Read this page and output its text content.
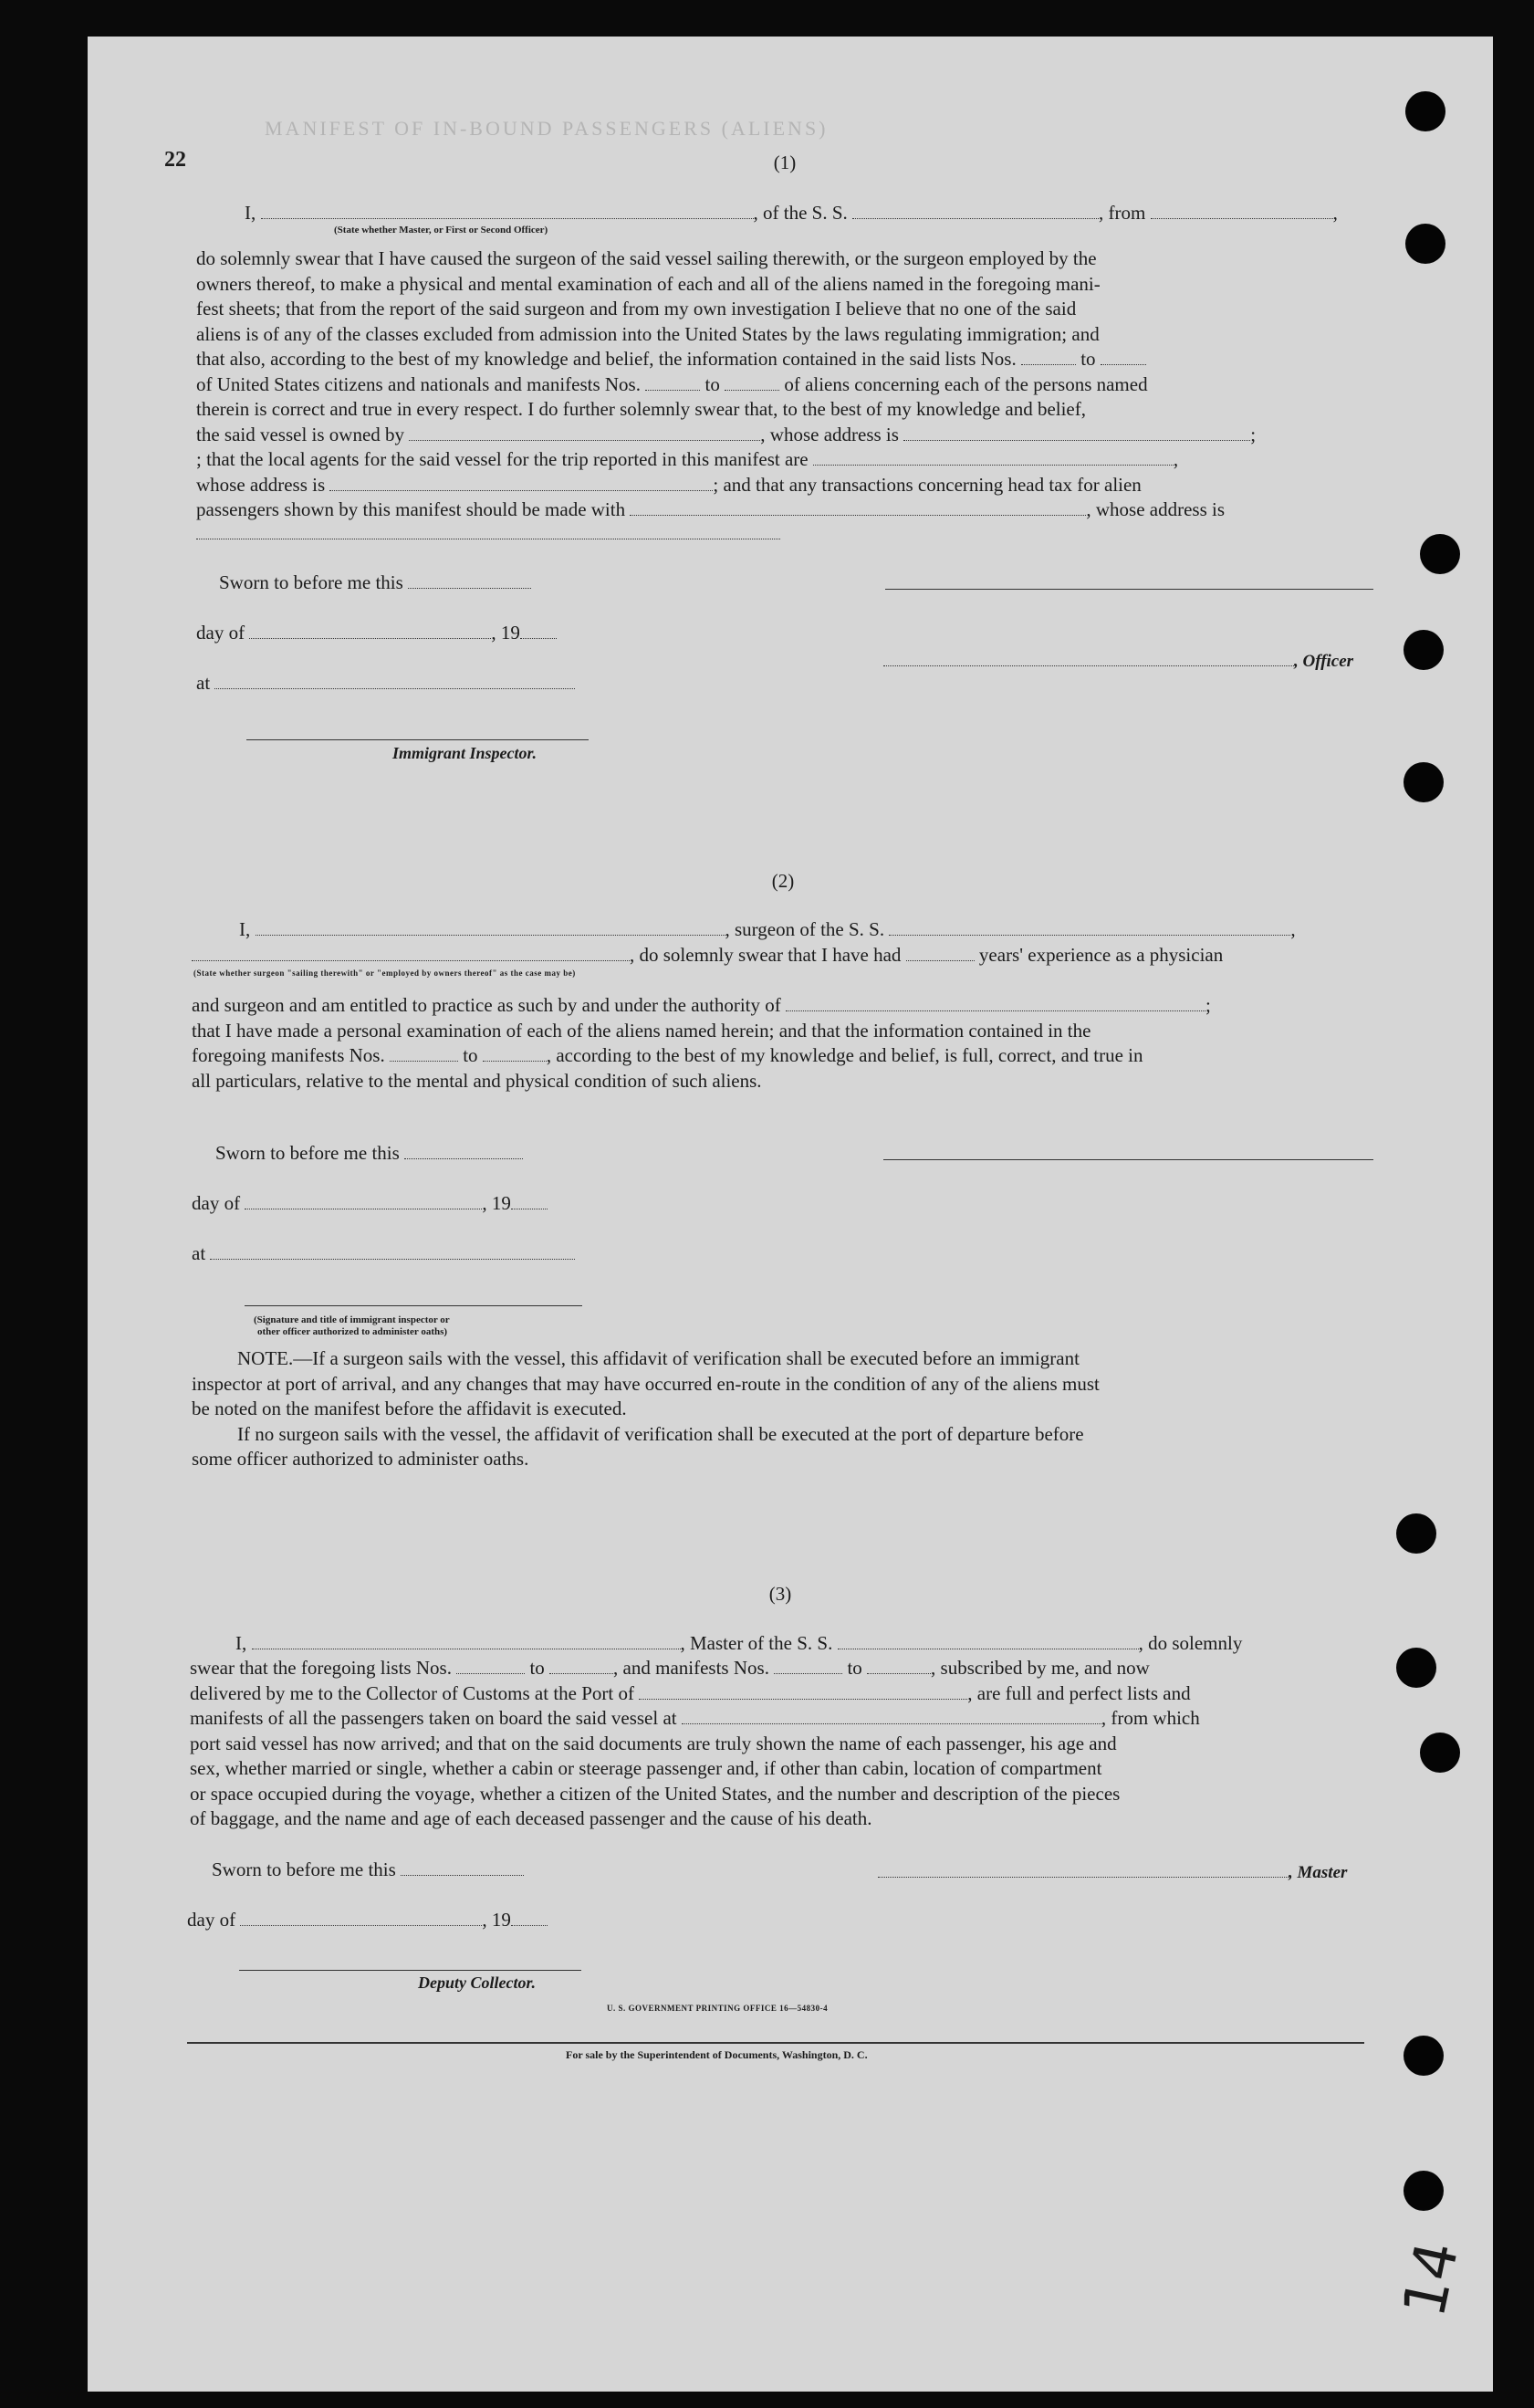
MANIFEST OF IN-BOUND PASSENGERS (ALIENS)
22
14
(1)
I,	, of the S. S.	, from	,
(State whether Master, or First or Second Officer)
do solemnly swear that I have caused the surgeon of the said vessel sailing therewith, or the surgeon employed by the
owners thereof, to make a physical and mental examination of each and all of the aliens named in the foregoing mani-
fest sheets; that from the report of the said surgeon and from my own investigation I believe that no one of the said
aliens is of any of the classes excluded from admission into the United States by the laws regulating immigration; and
that also, according to the best of my knowledge and belief, the information contained in the said lists Nos.	to
of United States citizens and nationals and manifests Nos.	to	of aliens concerning each of the persons named
therein is correct and true in every respect. I do further solemnly swear that, to the best of my knowledge and belief,
the said vessel is owned by	, whose address is	;
; that the local agents for the said vessel for the trip reported in this manifest are	,
whose address is	; and that any transactions concerning head tax for alien
passengers shown by this manifest should be made with	, whose address is
Sworn to before me this
day of	, 19
, Officer
at
Immigrant Inspector.
(2)
I,	, surgeon of the S. S.	,
, do solemnly swear that I have had	years' experience as a physician
(State whether surgeon "sailing therewith" or "employed by owners thereof" as the case may be)
and surgeon and am entitled to practice as such by and under the authority of	;
that I have made a personal examination of each of the aliens named herein; and that the information contained in the
foregoing manifests Nos.	to	, according to the best of my knowledge and belief, is full, correct, and true in
all particulars, relative to the mental and physical condition of such aliens.
Sworn to before me this
day of	, 19
at
(Signature and title of immigrant inspector or
other officer authorized to administer oaths)
NOTE.—If a surgeon sails with the vessel, this affidavit of verification shall be executed before an immigrant
inspector at port of arrival, and any changes that may have occurred en-route in the condition of any of the aliens must
be noted on the manifest before the affidavit is executed.
If no surgeon sails with the vessel, the affidavit of verification shall be executed at the port of departure before
some officer authorized to administer oaths.
(3)
I,	, Master of the S. S.	, do solemnly
swear that the foregoing lists Nos.	to	, and manifests Nos.	to	, subscribed by me, and now
delivered by me to the Collector of Customs at the Port of	, are full and perfect lists and
manifests of all the passengers taken on board the said vessel at	, from which
port said vessel has now arrived; and that on the said documents are truly shown the name of each passenger, his age and
sex, whether married or single, whether a cabin or steerage passenger and, if other than cabin, location of compartment
or space occupied during the voyage, whether a citizen of the United States, and the number and description of the pieces
of baggage, and the name and age of each deceased passenger and the cause of his death.
Sworn to before me this	, Master
day of	, 19
Deputy Collector.
U. S. GOVERNMENT PRINTING OFFICE 16—54830-4
For sale by the Superintendent of Documents, Washington, D. C.
